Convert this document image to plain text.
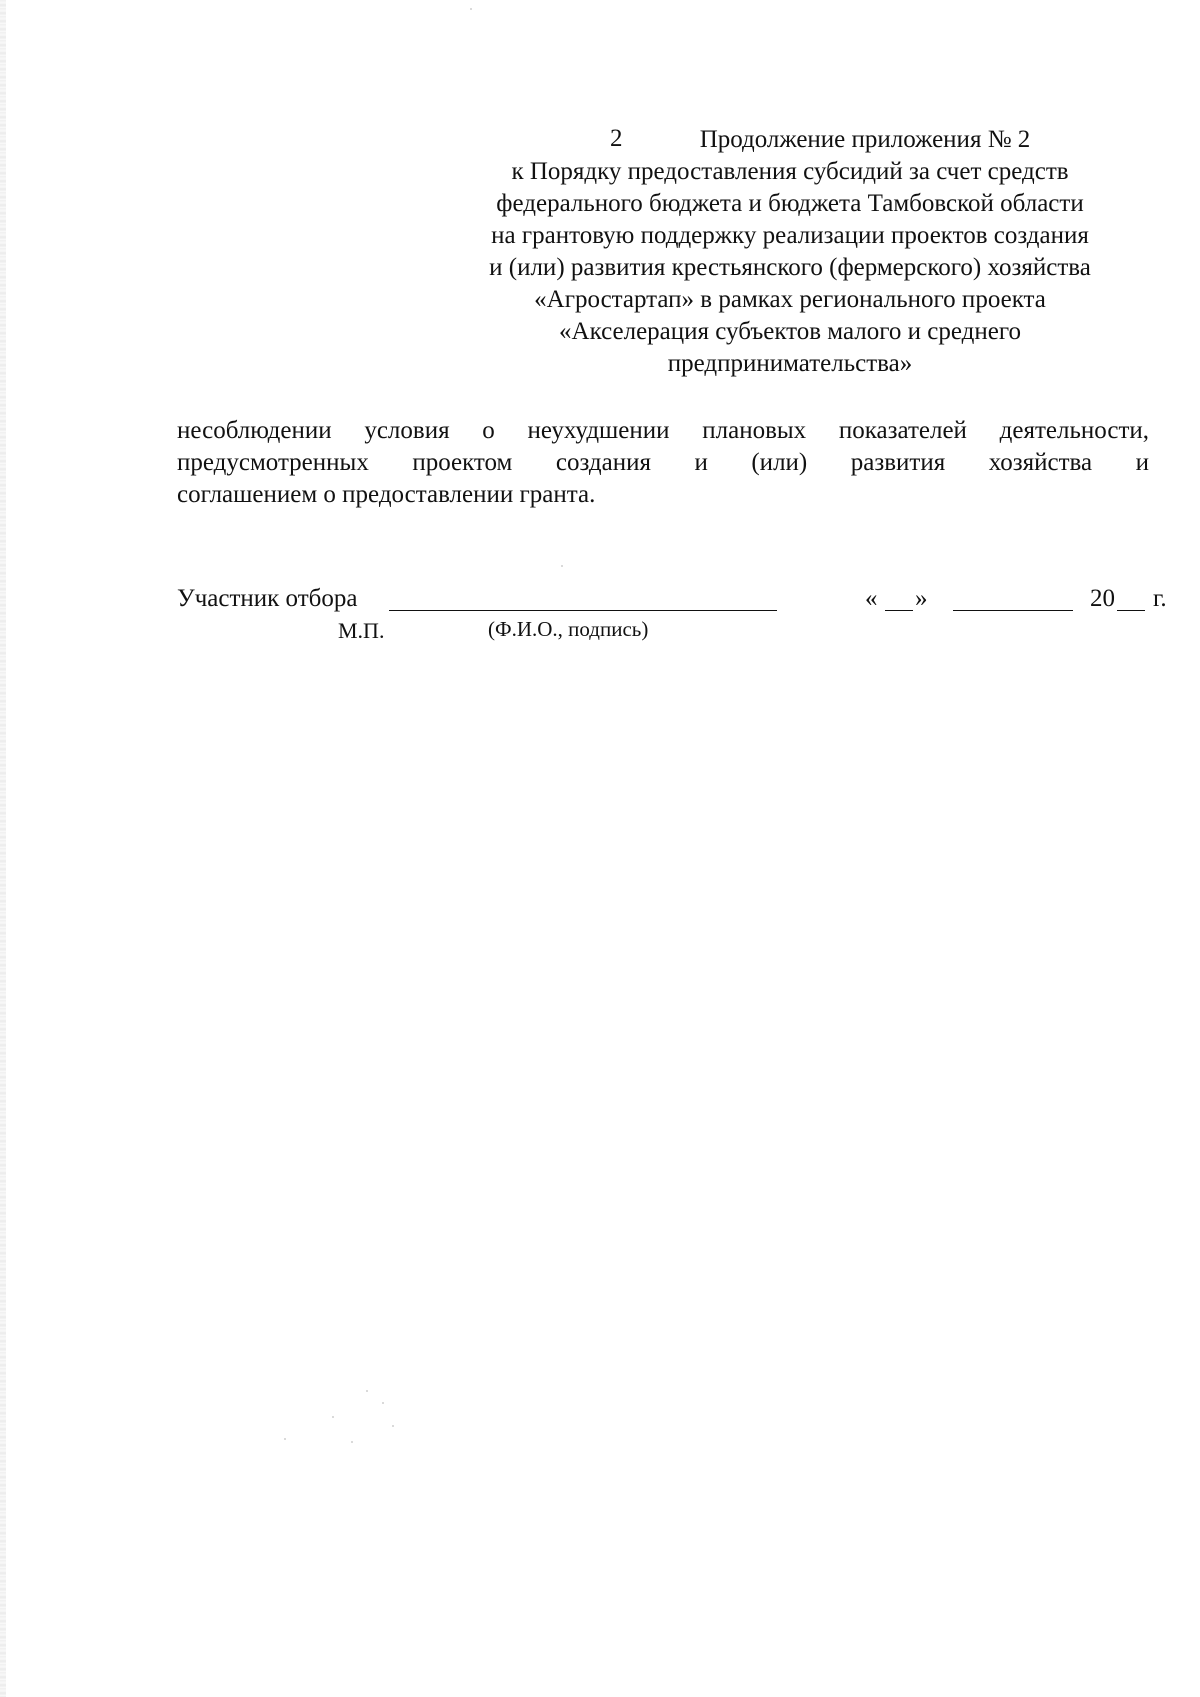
2	Продолжение приложения № 2
к Порядку предоставления субсидий за счет средств
федерального бюджета и бюджета Тамбовской области
на грантовую поддержку реализации проектов создания
и (или) развития крестьянского (фермерского) хозяйства
«Агростартап» в рамках регионального проекта
«Акселерация субъектов малого и среднего
предпринимательства»
несоблюдении условия о неухудшении плановых показателей деятельности,
предусмотренных проектом создания и (или) развития хозяйства и
соглашением о предоставлении гранта.
Участник отбора	« »	20 г.
М.П.	(Ф.И.О., подпись)
